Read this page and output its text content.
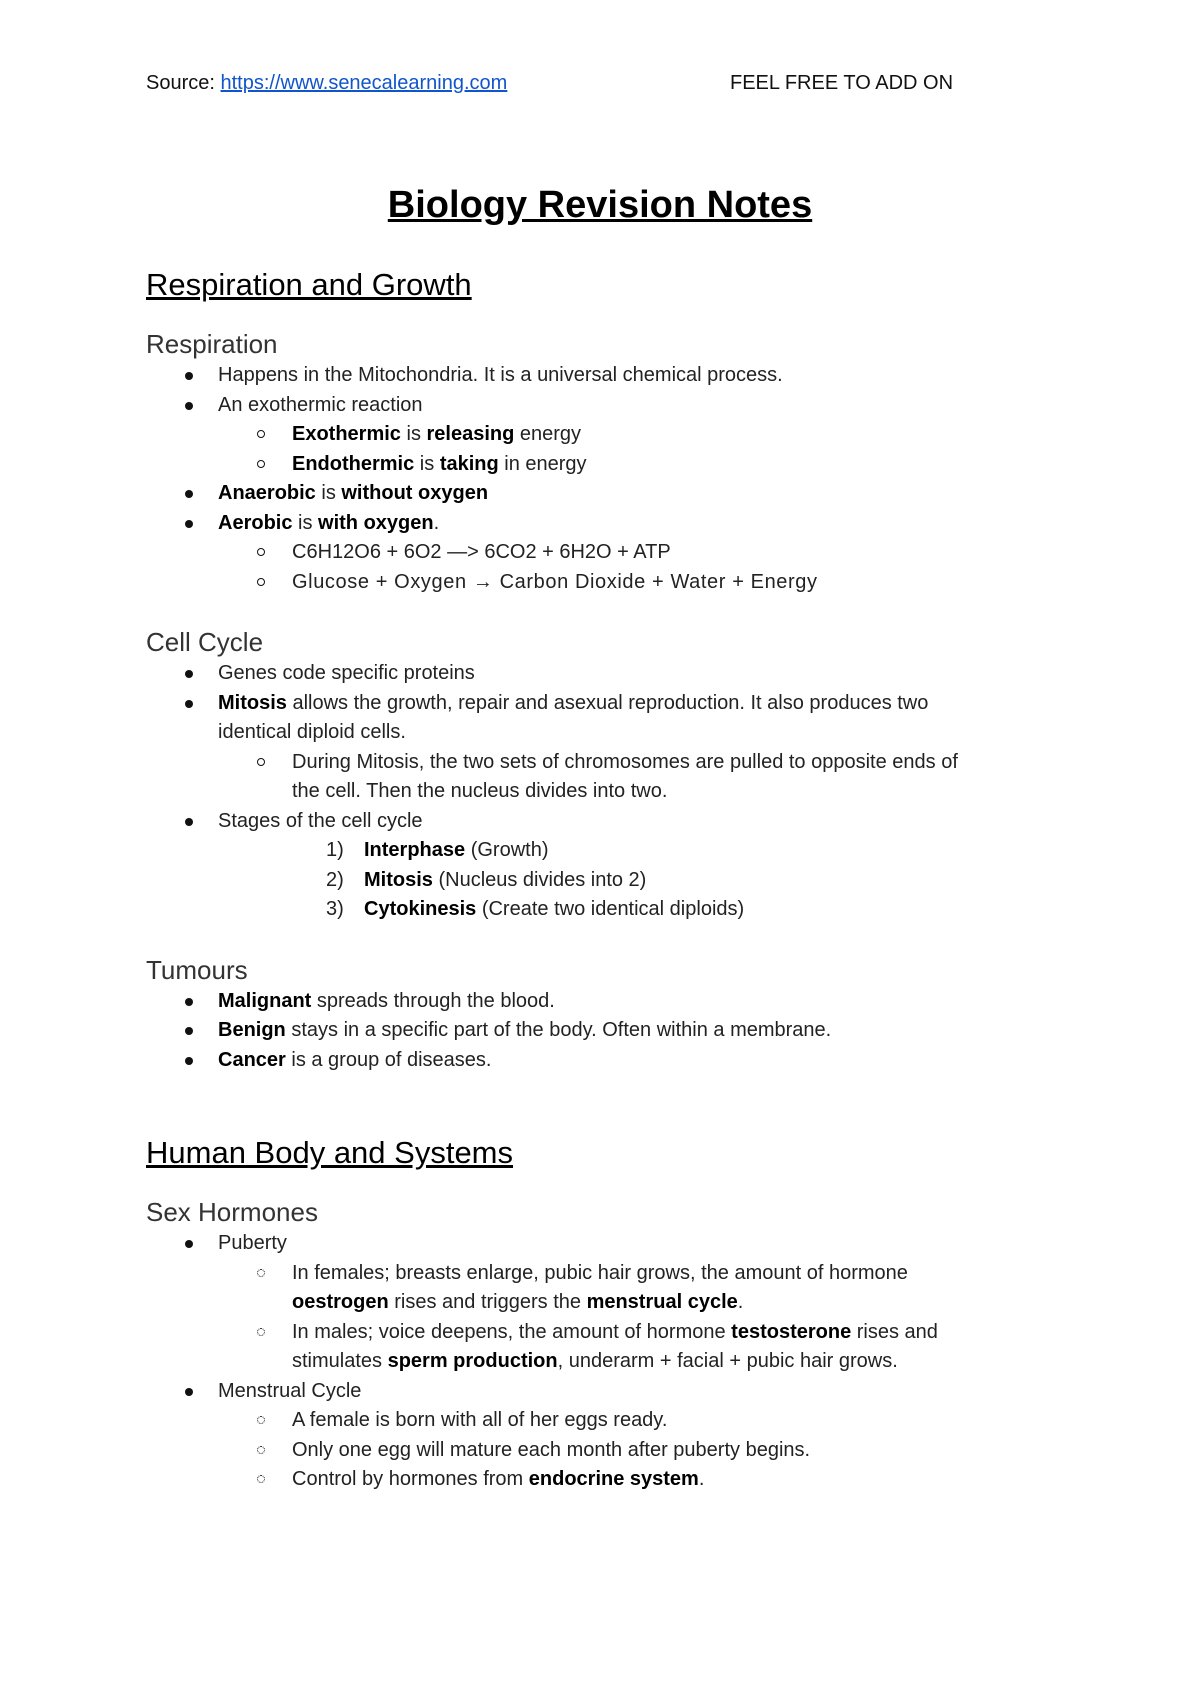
Source: https://www.senecalearning.com	FEEL FREE TO ADD ON
Biology Revision Notes
Respiration and Growth
Respiration
Happens in the Mitochondria. It is a universal chemical process.
An exothermic reaction
Exothermic is releasing energy
Endothermic is taking in energy
Anaerobic is without oxygen
Aerobic is with oxygen.
C6H12O6 + 6O2 —> 6CO2 + 6H2O + ATP
Glucose + Oxygen → Carbon Dioxide + Water + Energy
Cell Cycle
Genes code specific proteins
Mitosis allows the growth, repair and asexual reproduction. It also produces two
identical diploid cells.
During Mitosis, the two sets of chromosomes are pulled to opposite ends of
the cell. Then the nucleus divides into two.
Stages of the cell cycle
1) Interphase (Growth)
2) Mitosis (Nucleus divides into 2)
3) Cytokinesis (Create two identical diploids)
Tumours
Malignant spreads through the blood.
Benign stays in a specific part of the body. Often within a membrane.
Cancer is a group of diseases.
Human Body and Systems
Sex Hormones
Puberty
In females; breasts enlarge, pubic hair grows, the amount of hormone
oestrogen rises and triggers the menstrual cycle.
In males; voice deepens, the amount of hormone testosterone rises and
stimulates sperm production, underarm + facial + pubic hair grows.
Menstrual Cycle
A female is born with all of her eggs ready.
Only one egg will mature each month after puberty begins.
Control by hormones from endocrine system.
